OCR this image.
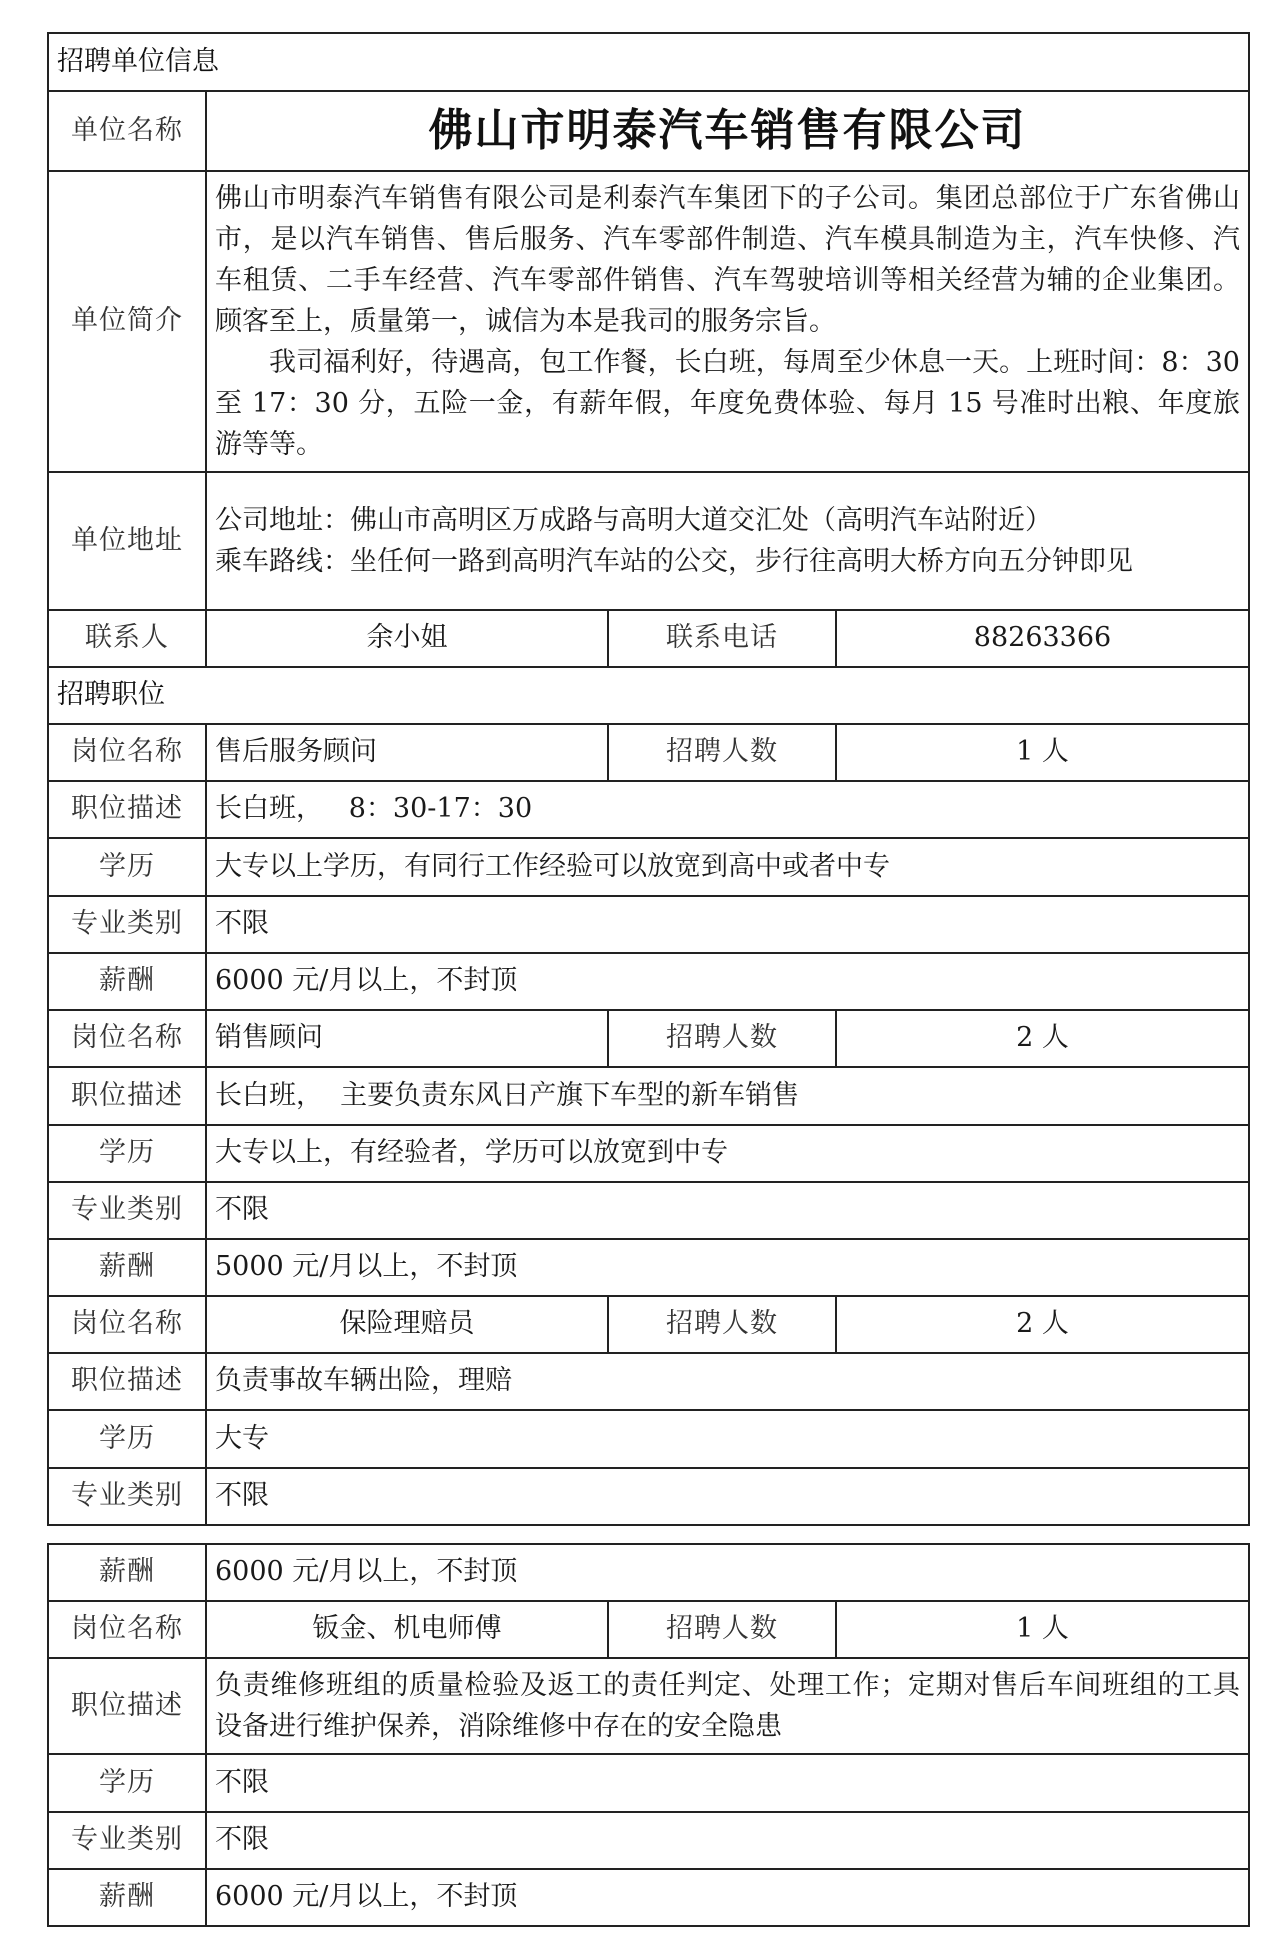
招聘单位信息			
单位名称	佛山市明泰汽车销售有限公司		
单位简介	佛山市明泰汽车销售有限公司是利泰汽车集团下的子公司。集团总部位于广东省佛山市，是以汽车销售、售后服务、汽车零部件制造、汽车模具制造为主，汽车快修、汽车租赁、二手车经营、汽车零部件销售、汽车驾驶培训等相关经营为辅的企业集团。顾客至上，质量第一，诚信为本是我司的服务宗旨。

我司福利好，待遇高，包工作餐，长白班，每周至少休息一天。上班时间：8：30 至 17：30 分，五险一金，有薪年假，年度免费体验、每月 15 号准时出粮、年度旅游等等。		

单位地址	公司地址：佛山市高明区万成路与高明大道交汇处（高明汽车站附近）

乘车路线：坐任何一路到高明汽车站的公交，步行往高明大桥方向五分钟即见		

联系人	余小姐	联系电话	88263366
招聘职位			
岗位名称	售后服务顾问	招聘人数	1 人
职位描述	长白班，   8：30-17：30		
学历	大专以上学历，有同行工作经验可以放宽到高中或者中专		
专业类别	不限		
薪酬	6000 元/月以上，不封顶		
岗位名称	销售顾问	招聘人数	2 人
职位描述	长白班，  主要负责东风日产旗下车型的新车销售		
学历	大专以上，有经验者，学历可以放宽到中专		
专业类别	不限		
薪酬	5000 元/月以上，不封顶		
岗位名称	保险理赔员	招聘人数	2 人
职位描述	负责事故车辆出险，理赔		
学历	大专		
专业类别	不限		
薪酬	6000 元/月以上，不封顶		
岗位名称	钣金、机电师傅	招聘人数	1 人
职位描述	负责维修班组的质量检验及返工的责任判定、处理工作；定期对售后车间班组的工具设备进行维护保养，消除维修中存在的安全隐患		
学历	不限		
专业类别	不限		
薪酬	6000 元/月以上，不封顶		
